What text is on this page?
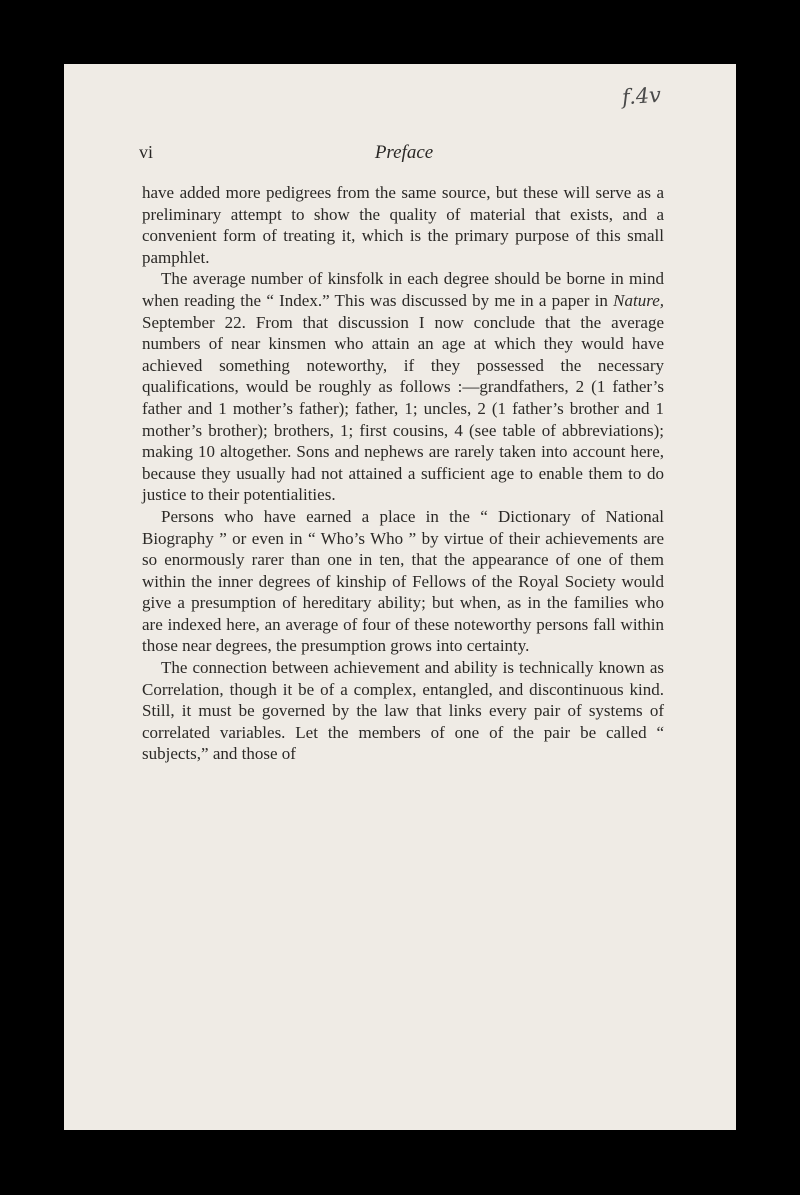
f.4v
vi	Preface

have added more pedigrees from the same source, but these will serve as a preliminary attempt to show the quality of material that exists, and a convenient form of treating it, which is the primary purpose of this small pamphlet.

The average number of kinsfolk in each degree should be borne in mind when reading the “ Index.” This was discussed by me in a paper in Nature, September 22. From that discussion I now conclude that the average numbers of near kinsmen who attain an age at which they would have achieved something noteworthy, if they possessed the necessary qualifications, would be roughly as follows :—grandfathers, 2 (1 father’s father and 1 mother’s father); father, 1; uncles, 2 (1 father’s brother and 1 mother’s brother); brothers, 1; first cousins, 4 (see table of abbreviations); making 10 altogether. Sons and nephews are rarely taken into account here, because they usually had not attained a sufficient age to enable them to do justice to their potentialities.

Persons who have earned a place in the “ Dictionary of National Biography ” or even in “ Who’s Who ” by virtue of their achievements are so enormously rarer than one in ten, that the appearance of one of them within the inner degrees of kinship of Fellows of the Royal Society would give a presumption of hereditary ability; but when, as in the families who are indexed here, an average of four of these noteworthy persons fall within those near degrees, the presumption grows into certainty.

The connection between achievement and ability is technically known as Correlation, though it be of a complex, entangled, and discontinuous kind. Still, it must be governed by the law that links every pair of systems of correlated variables. Let the members of one of the pair be called “ subjects,” and those of
